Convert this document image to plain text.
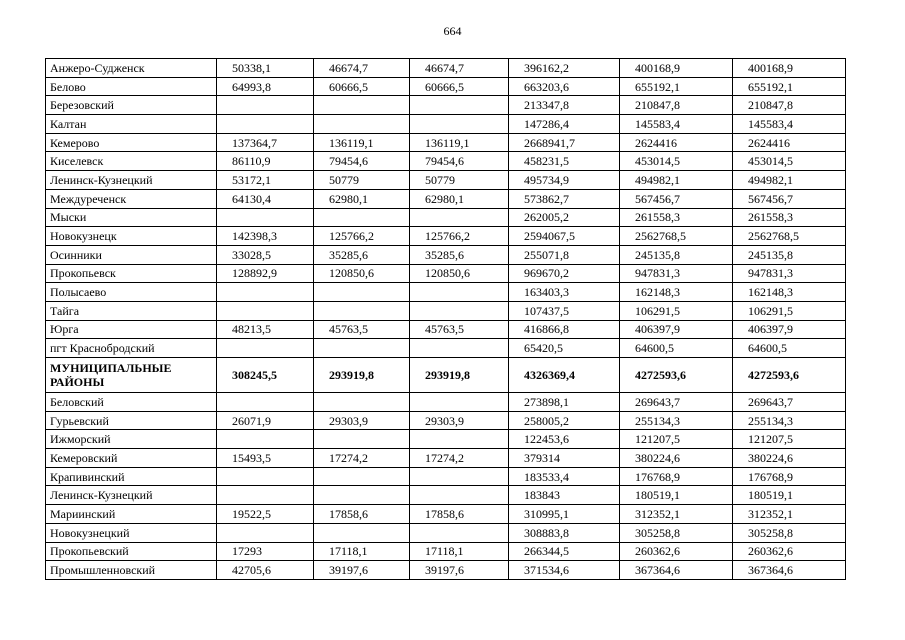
664
Анжеро-Судженск	50338,1	46674,7	46674,7	396162,2	400168,9	400168,9
Белово	64993,8	60666,5	60666,5	663203,6	655192,1	655192,1
Березовский				213347,8	210847,8	210847,8
Калтан				147286,4	145583,4	145583,4
Кемерово	137364,7	136119,1	136119,1	2668941,7	2624416	2624416
Киселевск	86110,9	79454,6	79454,6	458231,5	453014,5	453014,5
Ленинск-Кузнецкий	53172,1	50779	50779	495734,9	494982,1	494982,1
Междуреченск	64130,4	62980,1	62980,1	573862,7	567456,7	567456,7
Мыски				262005,2	261558,3	261558,3
Новокузнецк	142398,3	125766,2	125766,2	2594067,5	2562768,5	2562768,5
Осинники	33028,5	35285,6	35285,6	255071,8	245135,8	245135,8
Прокопьевск	128892,9	120850,6	120850,6	969670,2	947831,3	947831,3
Полысаево				163403,3	162148,3	162148,3
Тайга				107437,5	106291,5	106291,5
Юрга	48213,5	45763,5	45763,5	416866,8	406397,9	406397,9
пгт Краснобродский				65420,5	64600,5	64600,5
МУНИЦИПАЛЬНЫЕ РАЙОНЫ	308245,5	293919,8	293919,8	4326369,4	4272593,6	4272593,6
Беловский				273898,1	269643,7	269643,7
Гурьевский	26071,9	29303,9	29303,9	258005,2	255134,3	255134,3
Ижморский				122453,6	121207,5	121207,5
Кемеровский	15493,5	17274,2	17274,2	379314	380224,6	380224,6
Крапивинский				183533,4	176768,9	176768,9
Ленинск-Кузнецкий				183843	180519,1	180519,1
Мариинский	19522,5	17858,6	17858,6	310995,1	312352,1	312352,1
Новокузнецкий				308883,8	305258,8	305258,8
Прокопьевский	17293	17118,1	17118,1	266344,5	260362,6	260362,6
Промышленновский	42705,6	39197,6	39197,6	371534,6	367364,6	367364,6
